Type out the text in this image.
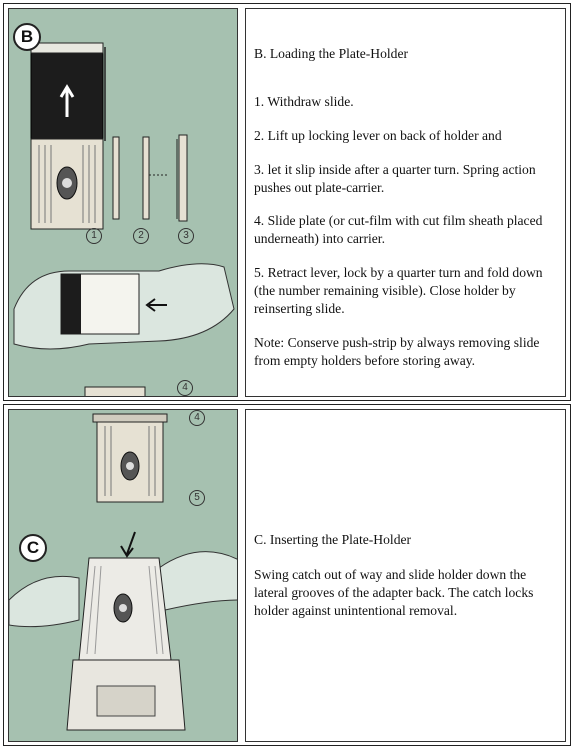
B
1	2	3
4

B. Loading the Plate-Holder

1. Withdraw slide.

2. Lift up locking lever on back of holder and

3. let it slip inside after a quarter turn. Spring action pushes out plate-carrier.

4. Slide plate (or cut-film with cut film sheath placed underneath) into carrier.

5. Retract lever, lock by a quarter turn and fold down (the number remaining visible). Close holder by reinserting slide.

Note: Conserve push-strip by always removing slide from empty holders before storing away.

C
4
5

C. Inserting the Plate-Holder

Swing catch out of way and slide holder down the lateral grooves of the adapter back. The catch locks holder against unintentional removal.
